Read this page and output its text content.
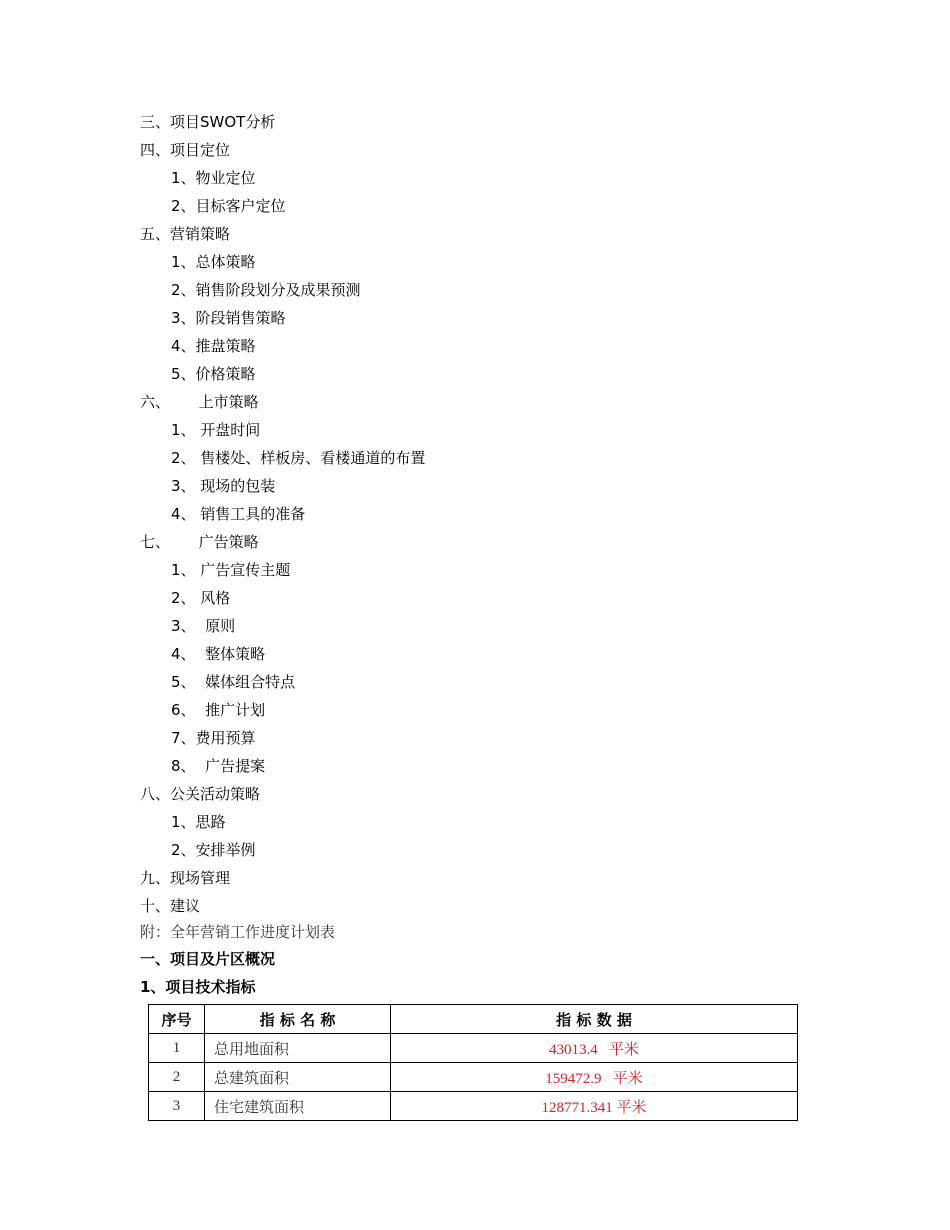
三、项目SWOT分析
四、项目定位
1、物业定位
2、目标客户定位
五、营销策略
1、总体策略
2、销售阶段划分及成果预测
3、阶段销售策略
4、推盘策略
5、价格策略
六、      上市策略
1、 开盘时间
2、 售楼处、样板房、看楼通道的布置
3、 现场的包装
4、 销售工具的准备
七、      广告策略
1、 广告宣传主题
2、 风格
3、  原则
4、  整体策略
5、  媒体组合特点
6、  推广计划
7、费用预算
8、  广告提案
八、公关活动策略
1、思路
2、安排举例
九、现场管理
十、建议
附：全年营销工作进度计划表
一、项目及片区概况
1、项目技术指标
序号	指 标 名 称	指 标 数 据
1	总用地面积	43013.4   平米
2	总建筑面积	159472.9   平米
3	住宅建筑面积	128771.341 平米
